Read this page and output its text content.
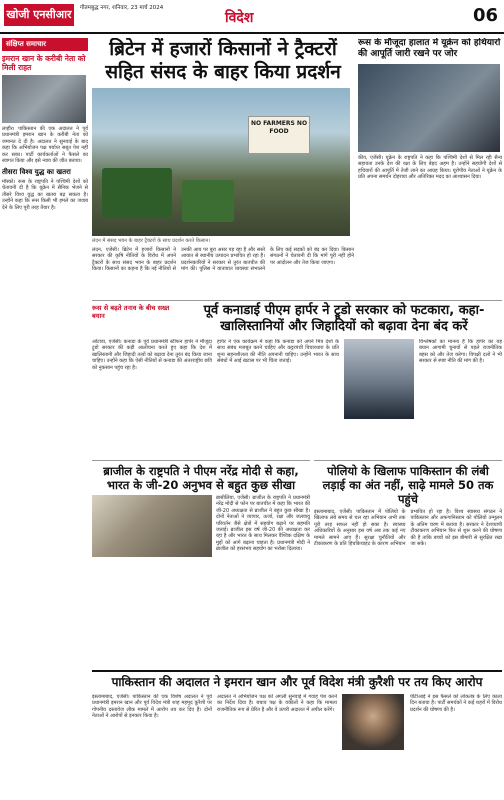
खोजी एनसीआर	गौतमबुद्ध नगर, शनिवार, 23 मार्च 2024
विदेश	06
संक्षिप्त समाचार
इमरान खान के करीबी नेता को मिली राहत
लाहौर। पाकिस्तान की एक अदालत ने पूर्व प्रधानमंत्री इमरान खान के करीबी नेता को जमानत दे दी है। अदालत ने सुनवाई के बाद कहा कि अभियोजन पक्ष पर्याप्त सबूत पेश नहीं कर सका। पार्टी कार्यकर्ताओं ने फैसले का स्वागत किया और इसे न्याय की जीत बताया।
तीसरा विश्व युद्ध का खतरा
मॉस्को। रूस के राष्ट्रपति ने पश्चिमी देशों को चेतावनी दी है कि यूक्रेन में सैनिक भेजने से तीसरे विश्व युद्ध का खतरा बढ़ सकता है। उन्होंने कहा कि रूस किसी भी हमले का जवाब देने के लिए पूरी तरह तैयार है।
ब्रिटेन में हजारों किसानों ने ट्रैक्टरों सहित संसद के बाहर किया प्रदर्शन
NO FARMERS NO FOOD
लंदन में संसद भवन के बाहर ट्रैक्टरों के साथ प्रदर्शन करते किसान।
लंदन, एजेंसी। ब्रिटेन में हजारों किसानों ने सरकार की कृषि नीतियों के विरोध में अपने ट्रैक्टरों के साथ संसद भवन के बाहर प्रदर्शन किया। किसानों का कहना है कि नई नीतियों से उनकी आय पर बुरा असर पड़ रहा है और सस्ते आयात से स्थानीय उत्पादन प्रभावित हो रहा है। प्रदर्शनकारियों ने सरकार से तुरंत बातचीत की मांग की। पुलिस ने यातायात व्यवस्था संभालने के लिए कई सड़कों को बंद कर दिया। किसान संगठनों ने चेतावनी दी कि मांगें पूरी नहीं होने पर आंदोलन और तेज किया जाएगा।
रूस के मौजूदा हालात में यूक्रेन को हथियारों की आपूर्ति जारी रखने पर जोर
कीव, एजेंसी। यूक्रेन के राष्ट्रपति ने कहा कि पश्चिमी देशों से मिल रही सैन्य सहायता उनके देश की रक्षा के लिए बेहद अहम है। उन्होंने सहयोगी देशों से हथियारों की आपूर्ति में तेजी लाने का आग्रह किया। यूरोपीय नेताओं ने यूक्रेन के प्रति अपना समर्थन दोहराया और अतिरिक्त मदद का आश्वासन दिया।
रूस से बढ़ते तनाव के बीच सख्त बयान	पूर्व कनाडाई पीएम हार्पर ने ट्रूडो सरकार को फटकारा, कहा- खालिस्तानियों और जिहादियों को बढ़ावा देना बंद करें
ओटावा, एजेंसी। कनाडा के पूर्व प्रधानमंत्री स्टीफन हार्पर ने मौजूदा ट्रूडो सरकार की कड़ी आलोचना करते हुए कहा कि देश में खालिस्तानी और जिहादी तत्वों को बढ़ावा देना तुरंत बंद किया जाना चाहिए। उन्होंने कहा कि ऐसी नीतियों से कनाडा की अंतरराष्ट्रीय छवि को नुकसान पहुंच रहा है।
हार्पर ने एक कार्यक्रम में कहा कि कनाडा को अपने मित्र देशों के साथ संबंध मजबूत करने चाहिए और कट्टरपंथी विचारधारा के प्रति शून्य सहनशीलता की नीति अपनानी चाहिए। उन्होंने भारत के साथ संबंधों में आई खटास पर भी चिंता जताई।
विश्लेषकों का मानना है कि हार्पर का यह बयान आगामी चुनावों से पहले राजनीतिक बहस को और तेज करेगा। विपक्षी दलों ने भी सरकार से स्पष्ट नीति की मांग की है।
ब्राजील के राष्ट्रपति ने पीएम नरेंद्र मोदी से कहा, भारत के जी-20 अनुभव से बहुत कुछ सीखा
ब्रासीलिया, एजेंसी। ब्राजील के राष्ट्रपति ने प्रधानमंत्री नरेंद्र मोदी से फोन पर बातचीत में कहा कि भारत की जी-20 अध्यक्षता से ब्राजील ने बहुत कुछ सीखा है। दोनों नेताओं ने व्यापार, ऊर्जा, रक्षा और जलवायु परिवर्तन जैसे क्षेत्रों में सहयोग बढ़ाने पर सहमति जताई। ब्राजील इस वर्ष जी-20 की अध्यक्षता कर रहा है और भारत के साथ मिलकर वैश्विक दक्षिण के मुद्दों को आगे बढ़ाना चाहता है। प्रधानमंत्री मोदी ने ब्राजील को हरसंभव सहयोग का भरोसा दिलाया।
पोलियो के खिलाफ पाकिस्तान की लंबी लड़ाई का अंत नहीं, साढ़े मामले 50 तक पहुंचे
इस्लामाबाद, एजेंसी। पाकिस्तान में पोलियो के खिलाफ लंबे समय से चल रहा अभियान अभी तक पूरी तरह सफल नहीं हो सका है। स्वास्थ्य अधिकारियों के अनुसार इस वर्ष अब तक कई नए मामले सामने आए हैं। सुरक्षा चुनौतियों और टीकाकरण के प्रति हिचकिचाहट के कारण अभियान प्रभावित हो रहा है। विश्व स्वास्थ्य संगठन ने पाकिस्तान और अफगानिस्तान को पोलियो उन्मूलन के अंतिम चरण में बताया है। सरकार ने देशव्यापी टीकाकरण अभियान फिर से शुरू करने की घोषणा की है ताकि बच्चों को इस बीमारी से सुरक्षित रखा जा सके।
पाकिस्तान की अदालत ने इमरान खान और पूर्व विदेश मंत्री कुरैशी पर तय किए आरोप
इस्लामाबाद, एजेंसी। पाकिस्तान की एक विशेष अदालत ने पूर्व प्रधानमंत्री इमरान खान और पूर्व विदेश मंत्री शाह महमूद कुरैशी पर गोपनीय दस्तावेज लीक मामले में आरोप तय कर दिए हैं। दोनों नेताओं ने आरोपों से इनकार किया है।
अदालत ने अभियोजन पक्ष को अगली सुनवाई में गवाह पेश करने का निर्देश दिया है। बचाव पक्ष के वकीलों ने कहा कि मामला राजनीतिक रूप से प्रेरित है और वे ऊपरी अदालत में अपील करेंगे।
पीटीआई ने इस फैसले को लोकतंत्र के लिए काला दिन बताया है। पार्टी समर्थकों ने कई शहरों में विरोध प्रदर्शन की घोषणा की है।
